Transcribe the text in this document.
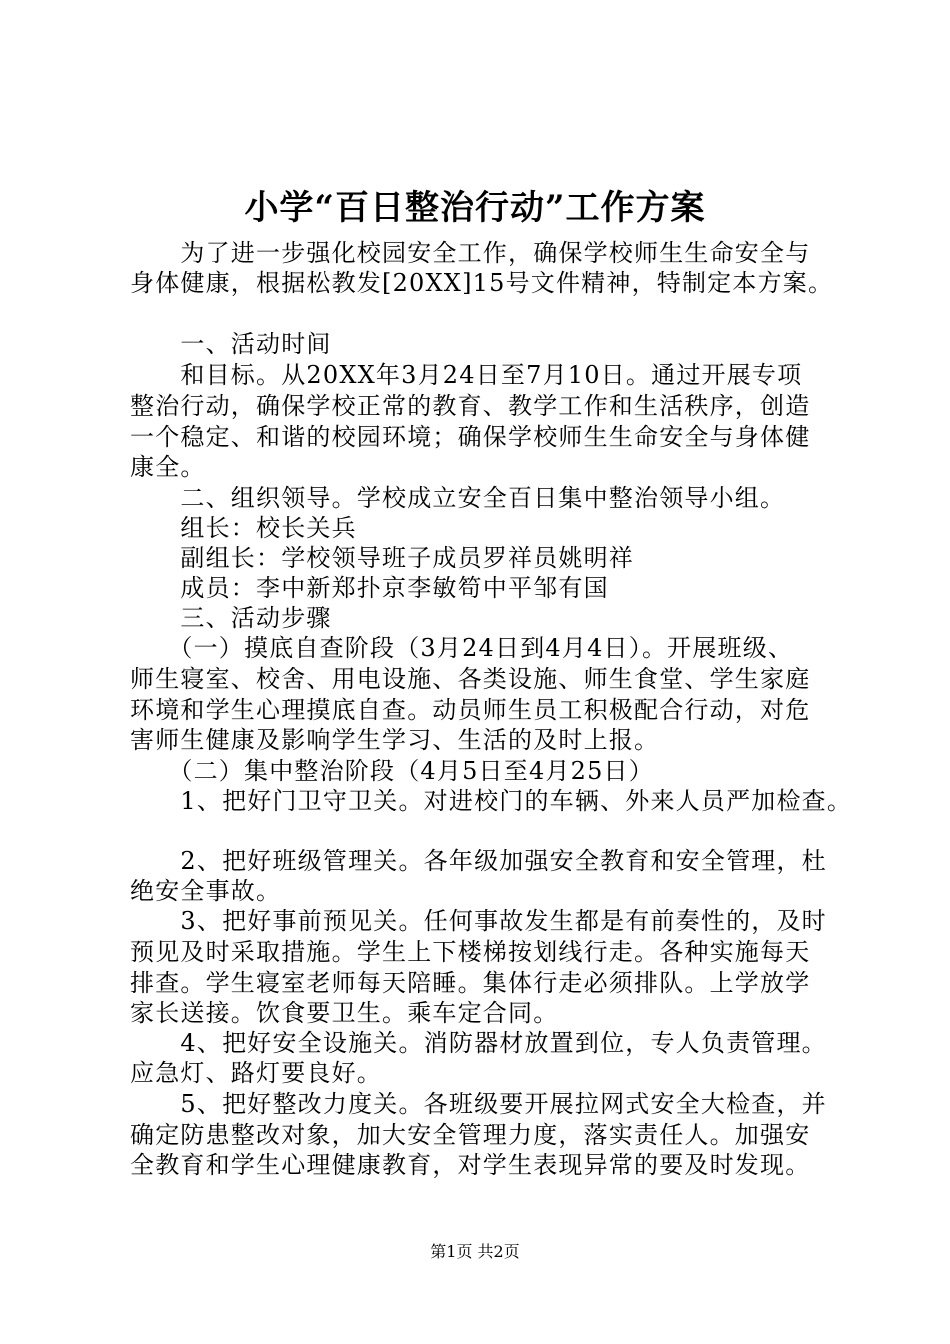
小学“百日整治行动”工作方案
　　为了进一步强化校园安全工作，确保学校师生生命安全与
身体健康，根据松教发[20XX]15号文件精神，特制定本方案。
　　一、活动时间
　　和目标。从20XX年3月24日至7月10日。通过开展专项
整治行动，确保学校正常的教育、教学工作和生活秩序，创造
一个稳定、和谐的校园环境；确保学校师生生命安全与身体健
康全。
　　二、组织领导。学校成立安全百日集中整治领导小组。
　　组长：校长关兵
　　副组长：学校领导班子成员罗祥员姚明祥
　　成员：李中新郑扑京李敏笱中平邹有国
　　三、活动步骤
　　（一）摸底自查阶段（3月24日到4月4日）。开展班级、
师生寝室、校舍、用电设施、各类设施、师生食堂、学生家庭
环境和学生心理摸底自查。动员师生员工积极配合行动，对危
害师生健康及影响学生学习、生活的及时上报。
　　（二）集中整治阶段（4月5日至4月25日）
　　1、把好门卫守卫关。对进校门的车辆、外来人员严加检查。
　　2、把好班级管理关。各年级加强安全教育和安全管理，杜
绝安全事故。
　　3、把好事前预见关。任何事故发生都是有前奏性的，及时
预见及时采取措施。学生上下楼梯按划线行走。各种实施每天
排查。学生寝室老师每天陪睡。集体行走必须排队。上学放学
家长送接。饮食要卫生。乘车定合同。
　　4、把好安全设施关。消防器材放置到位，专人负责管理。
应急灯、路灯要良好。
　　5、把好整改力度关。各班级要开展拉网式安全大检查，并
确定防患整改对象，加大安全管理力度，落实责任人。加强安
全教育和学生心理健康教育，对学生表现异常的要及时发现。
第1页 共2页
